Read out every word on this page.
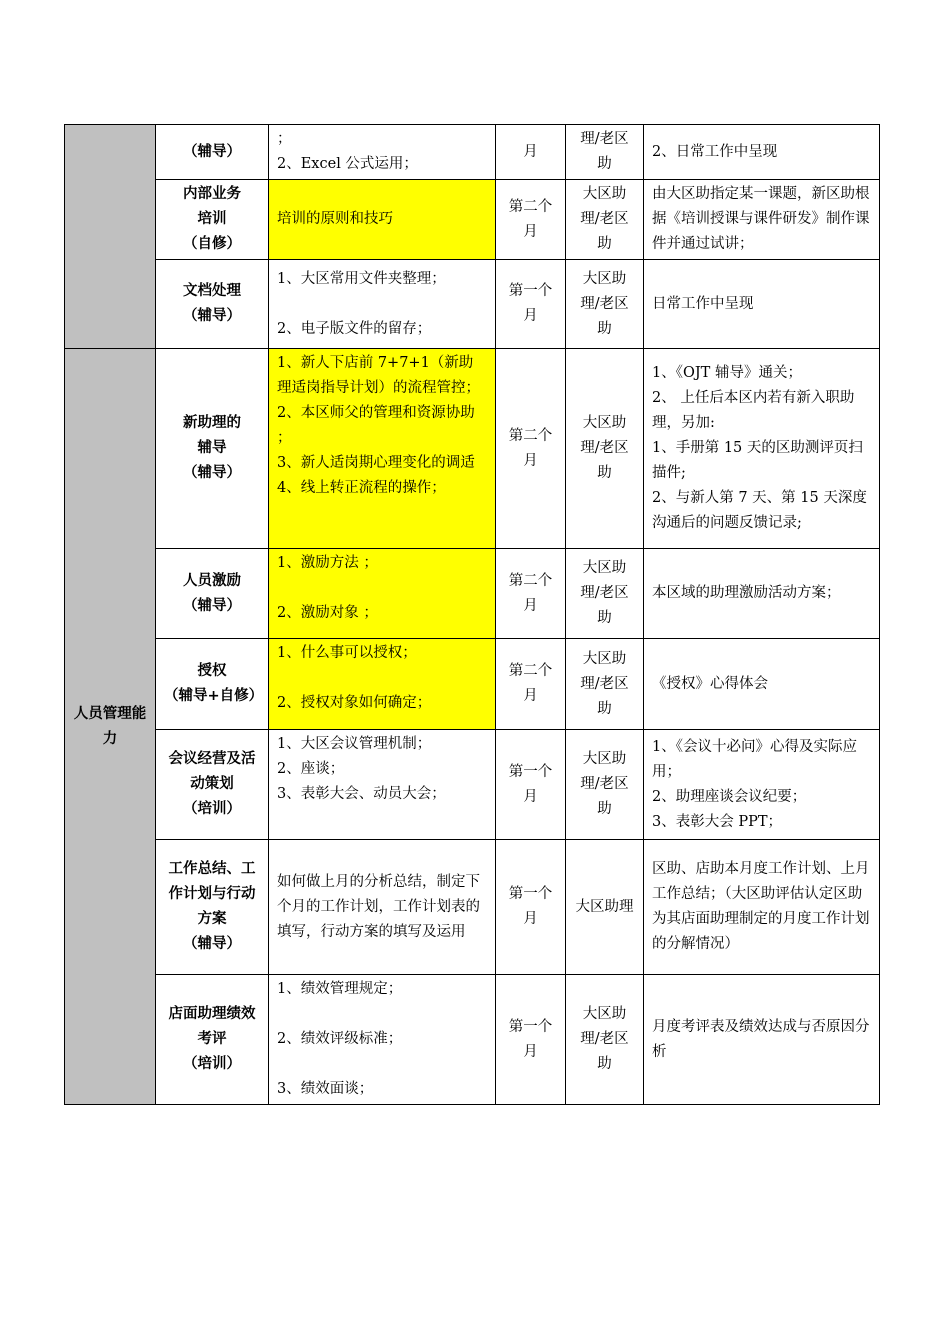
	（辅导）	；
2、Excel 公式运用；	月	理/老区助	2、日常工作中呈现

	内部业务
培训
（自修）	培训的原则和技巧	第二个月	大区助理/老区助	由大区助指定某一课题，新区助根据《培训授课与课件研发》制作课件并通过试讲；

	文档处理
（辅导）	1、大区常用文件夹整理；
2、电子版文件的留存；	第一个月	大区助理/老区助	日常工作中呈现

人员管理能力	新助理的
辅导
（辅导）	1、新人下店前 7+7+1（新助理适岗指导计划）的流程管控；
2、本区师父的管理和资源协助 ；
3、新人适岗期心理变化的调适
4、线上转正流程的操作；	第二个月	大区助理/老区助	1、《OJT 辅导》通关；
2、 上任后本区内若有新入职助理，另加:
1、手册第 15 天的区助测评页扫描件;
2、与新人第 7 天、第 15 天深度沟通后的问题反馈记录;

	人员激励
（辅导）	1、激励方法 ；
2、激励对象 ；	第二个月	大区助理/老区助	本区域的助理激励活动方案；

	授权
（辅导+自修）	1、什么事可以授权；
2、授权对象如何确定；	第二个月	大区助理/老区助	《授权》心得体会

	会议经营及活动策划
（培训）	1、大区会议管理机制；
2、座谈；
3、表彰大会、动员大会；	第一个月	大区助理/老区助	1、《会议十必问》心得及实际应用；
2、助理座谈会议纪要；
3、表彰大会 PPT；

	工作总结、工作计划与行动方案
（辅导）	如何做上月的分析总结，制定下个月的工作计划，工作计划表的填写，行动方案的填写及运用	第一个月	大区助理	区助、店助本月度工作计划、上月工作总结；（大区助评估认定区助为其店面助理制定的月度工作计划的分解情况）

	店面助理绩效考评
（培训）	1、绩效管理规定；
2、绩效评级标准；
3、绩效面谈；	第一个月	大区助理/老区助	月度考评表及绩效达成与否原因分析
